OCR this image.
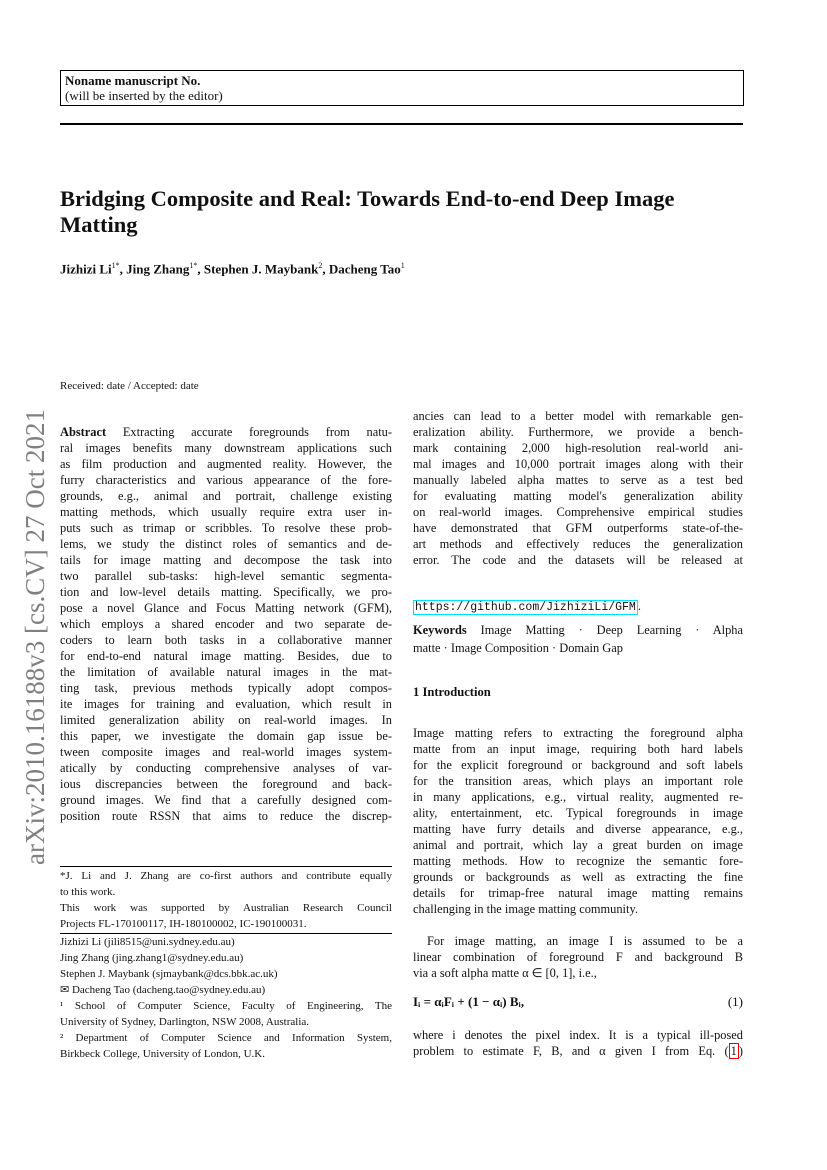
Noname manuscript No.
(will be inserted by the editor)
Bridging Composite and Real: Towards End-to-end Deep Image Matting
Jizhizi $Li^{1*}$, Jing Zhang$^{1*}$, Stephen J. Maybank$^2$, Dacheng Tao$^1$
Received: date / Accepted: date
arXiv:2010.16188v3 [cs.CV] 27 Oct 2021 Abstract Extracting accurate foregrounds from natu-
ral images benefits many downstream applications such
as film production and augmented reality. However, the
furry characteristics and various appearance of the fore-
grounds, e.g., animal and portrait, challenge existing
matting methods, which usually require extra user in-
puts such as trimap or scribbles. To resolve these prob-
lems, we study the distinct roles of semantics and de-
tails for image matting and decompose the task into
two parallel sub-tasks: high-level semantic segmenta-
tion and low-level details matting. Specifically, we pro-
pose a novel Glance and Focus Matting network (GFM),
which employs a shared encoder and two separate de-
coders to learn both tasks in a collaborative manner
for end-to-end natural image matting. Besides, due to
the limitation of available natural images in the mat-
ting task, previous methods typically adopt compos-
ite images for training and evaluation, which result in
limited generalization ability on real-world images. In
this paper, we investigate the domain gap issue be-
tween composite images and real-world images system-
atically by conducting comprehensive analyses of var-
ious discrepancies between the foreground and back-
ground images. We find that a carefully designed com-
position route RSSN that aims to reduce the discrep-
ancies can lead to a better model with remarkable gen-
eralization ability. Furthermore, we provide a bench-
mark containing 2,000 high-resolution real-world ani-
mal images and 10,000 portrait images along with their
manually labeled alpha mattes to serve as a test bed
for evaluating matting model's generalization ability
on real-world images. Comprehensive empirical studies
have demonstrated that GFM outperforms state-of-the-
art methods and effectively reduces the generalization
error. The code and the datasets will be released at
https://github.com/JizhiziLi/GFM .
Keywords Image Matting · Deep Learning · Alpha
matte · Image Composition · Domain Gap
1 Introduction
Image matting refers to extracting the foreground alpha
matte from an input image, requiring both hard labels
for the explicit foreground or background and soft labels
for the transition areas, which plays an important role
in many applications, e.g., virtual reality, augmented re-
ality, entertainment, etc. Typical foregrounds in image
matting have furry details and diverse appearance, e.g.,
animal and portrait, which lay a great burden on image
matting methods. How to recognize the semantic fore-
grounds or backgrounds as well as extracting the fine
details for trimap-free natural image matting remains
challenging in the image matting community.
For image matting, an image I is assumed to be a
linear combination of foreground F and background B
via a soft alpha matte α ∈ [0, 1], i.e.,
Iᵢ = αᵢFᵢ + (1 − αᵢ) Bᵢ,	(1)
where i denotes the pixel index. It is a typical ill-posed
problem to estimate F, B, and α given I from Eq. ( 1 )
*J. Li and J. Zhang are co-first authors and contribute equally
to this work.
This work was supported by Australian Research Council
Projects FL-170100117, IH-180100002, IC-190100031.
Jizhizi Li (jili8515@uni.sydney.edu.au)
Jing Zhang (jing.zhang1@sydney.edu.au)
Stephen J. Maybank (sjmaybank@dcs.bbk.ac.uk)
✉ Dacheng Tao (dacheng.tao@sydney.edu.au)
¹ School of Computer Science, Faculty of Engineering, The
University of Sydney, Darlington, NSW 2008, Australia.
² Department of Computer Science and Information System,
Birkbeck College, University of London, U.K.
